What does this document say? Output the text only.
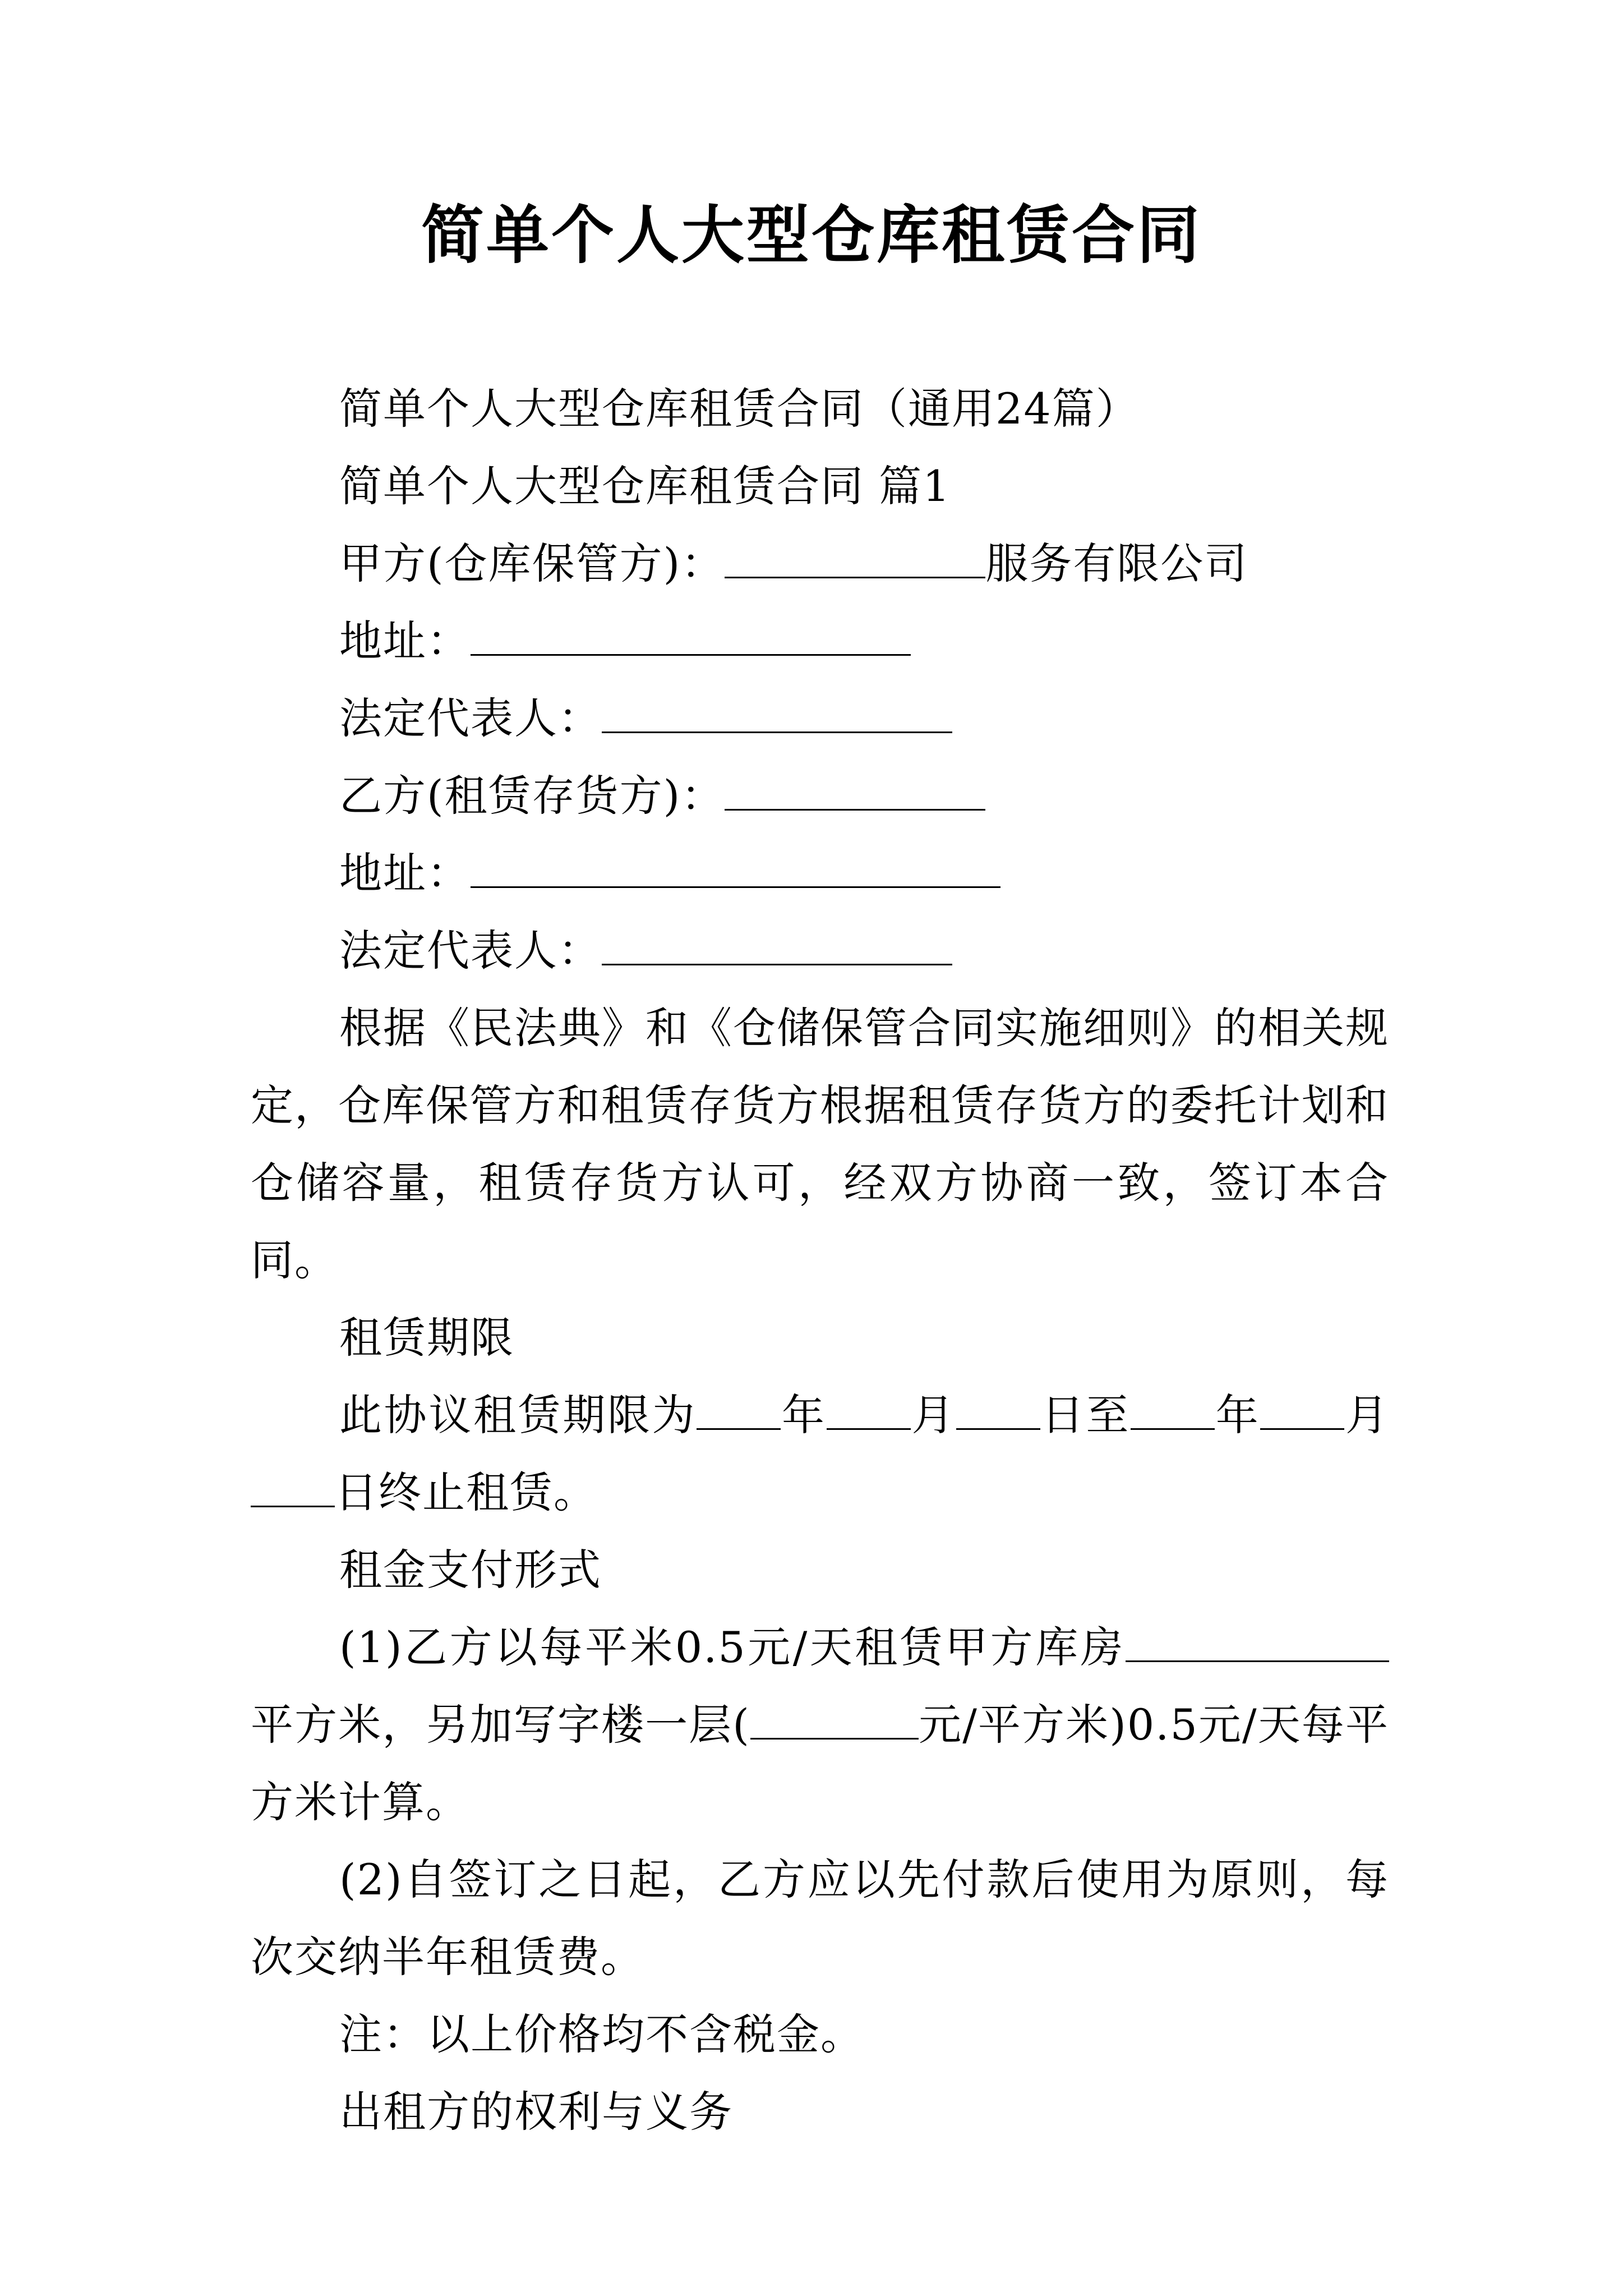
简单个人大型仓库租赁合同

简单个人大型仓库租赁合同（通用24篇）

简单个人大型仓库租赁合同 篇1

甲方(仓库保管方)：	服务有限公司

地址：

法定代表人：

乙方(租赁存货方)：

地址：

法定代表人：

根据《民法典》和《仓储保管合同实施细则》的相关规定，仓库保管方和租赁存货方根据租赁存货方的委托计划和仓储容量，租赁存货方认可，经双方协商一致，签订本合同。

租赁期限

此协议租赁期限为 年 月 日至 年 月日终止租赁。

租金支付形式

(1)乙方以每平米0.5元/天租赁甲方库房平方米，另加写字楼一层(	元/平方米)0.5元/天每平方米计算。

(2)自签订之日起，乙方应以先付款后使用为原则，每次交纳半年租赁费。

注：以上价格均不含税金。

出租方的权利与义务
